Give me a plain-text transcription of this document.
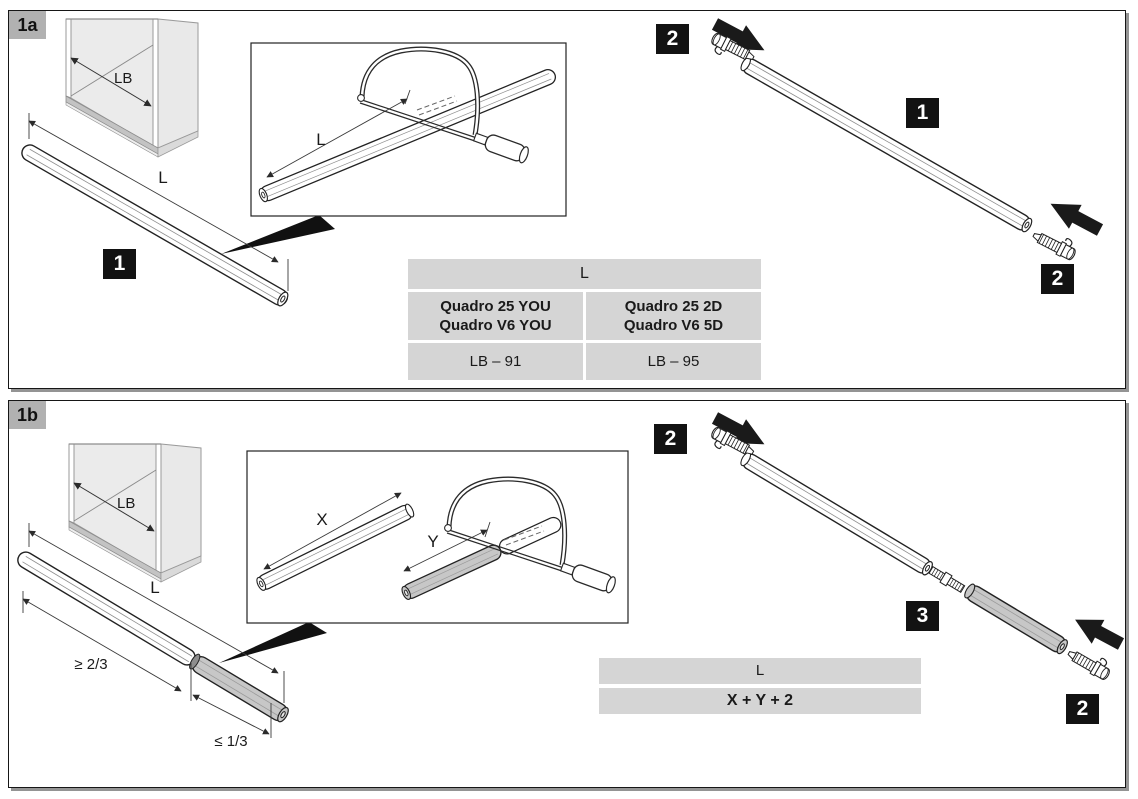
1a
LB
L
L
1
2
1
2
L
Quadro 25 YOU
Quadro V6 YOU
Quadro 25 2D
Quadro V6 5D
LB – 91	LB – 95
1b
LB
L
≥ 2/3
≤ 1/3
X
Y
2
3
2
L
X + Y + 2
